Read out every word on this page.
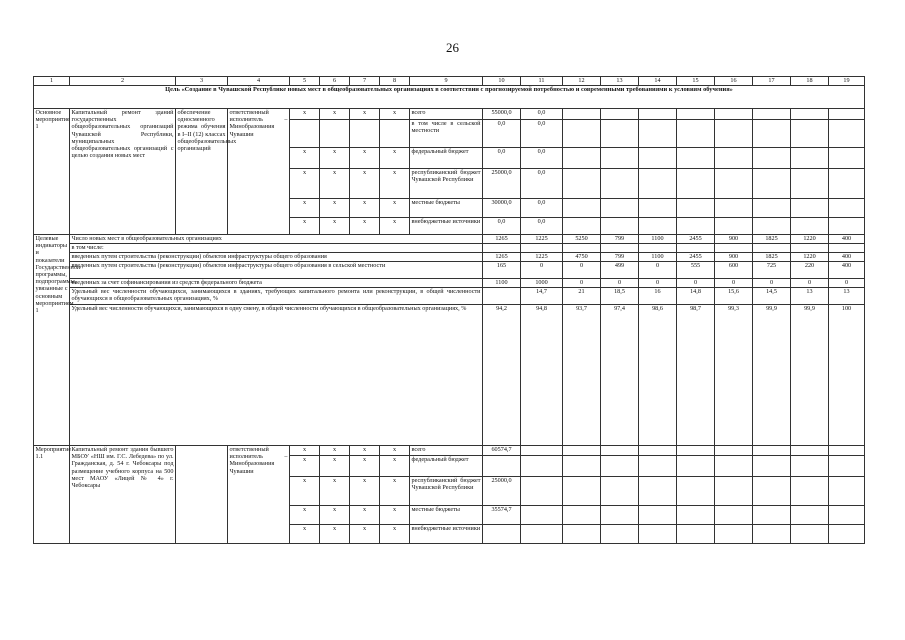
26
1	2	3	4	5	6	7	8	9	10	11	12	13	14	15	16	17	18	19
Цель «Создание в Чувашской Республике новых мест в общеобразовательных организациях в соответствии с прогнозируемой потребностью и современными требованиями к условиям обучения»																		
Основное мероприятие 1	Капитальный ремонт зданий государственных общеобразовательных организаций Чувашской Республики, муниципальных общеобразовательных организаций с целью создания новых мест	обеспечение односменного режима обучения в I–II (12) классах общеобразовательных организаций	ответственный исполнитель – Минобразования Чувашии	x	x	x	x	всего	55000,0	0,0								
								в том числе в сельской местности	0,0	0,0								
				x	x	x	x	федеральный бюджет	0,0	0,0								
				x	x	x	x	республиканский бюджет Чувашской Республики	25000,0	0,0								
				x	x	x	x	местные бюджеты	30000,0	0,0								
				x	x	x	x	внебюджетные источники	0,0	0,0								
Целевые индикаторы и показатели Государственной программы, подпрограммы, увязанные с основным мероприятием 1	Число новых мест в общеобразовательных организациях								1265	1225	5250	799	1100	2455	900	1825	1220	400
	в том числе:																	
	введенных путем строительства (реконструкции) объектов инфраструктуры общего образования								1265	1225	4750	799	1100	2455	900	1825	1220	400
	введенных путем строительства (реконструкции) объектов инфраструктуры общего образования в сельской местности								165	0	0	499	0	555	600	725	220	400
	введенных за счет софинансирования из средств федерального бюджета								1100	1000	0	0	0	0	0	0	0	0
	Удельный вес численности обучающихся, занимающихся в зданиях, требующих капитального ремонта или реконструкции, в общей численности обучающихся в общеобразовательных организациях, %									14,7	21	18,5	16	14,8	15,6	14,5	13	13
	Удельный вес численности обучающихся, занимающихся в одну смену, в общей численности обучающихся в общеобразовательных организациях, %								94,2	94,8	93,7	97,4	98,6	98,7	99,3	99,9	99,9	100
Мероприятие 1.1	Капитальный ремонт здания бывшего МБОУ «НШ им. Г.С. Лебедева» по ул. Гражданская, д. 54 г. Чебоксары под размещение учебного корпуса на 500 мест МАОУ «Лицей № 4» г. Чебоксары		ответственный исполнитель – Минобразования Чувашии	x	x	x	x	всего	60574,7									
				x	x	x	x	федеральный бюджет										
				x	x	x	x	республиканский бюджет Чувашской Республики	25000,0									
				x	x	x	x	местные бюджеты	35574,7									
				x	x	x	x	внебюджетные источники										
